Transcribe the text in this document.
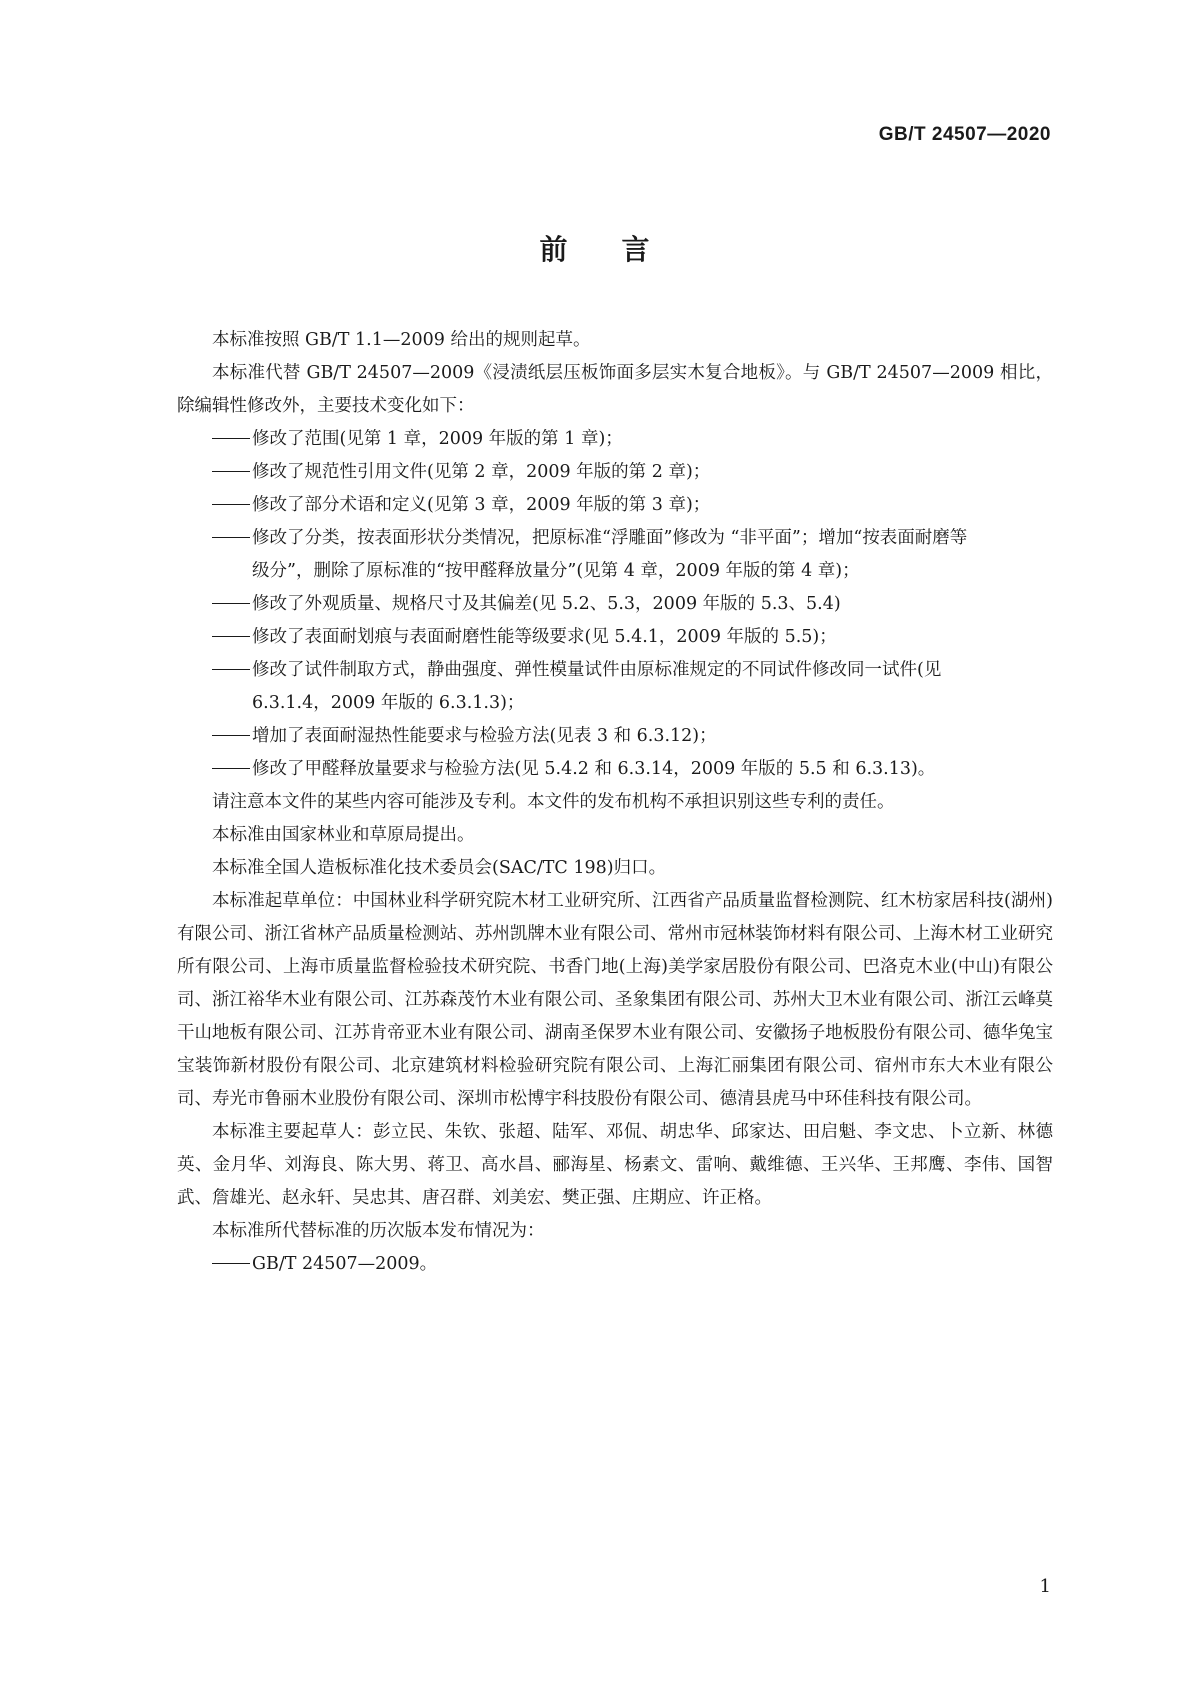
GB/T 24507—2020
前 言

本标准按照 GB/T 1.1—2009 给出的规则起草。

本标准代替 GB/T 24507—2009《浸渍纸层压板饰面多层实木复合地板》。与 GB/T 24507—2009 相比，除编辑性修改外，主要技术变化如下：

修改了范围(见第 1 章，2009 年版的第 1 章)；

修改了规范性引用文件(见第 2 章，2009 年版的第 2 章)；

修改了部分术语和定义(见第 3 章，2009 年版的第 3 章)；

修改了分类，按表面形状分类情况，把原标准“浮雕面”修改为 “非平面”；增加“按表面耐磨等
级分”，删除了原标准的“按甲醛释放量分”(见第 4 章，2009 年版的第 4 章)；

修改了外观质量、规格尺寸及其偏差(见 5.2、5.3，2009 年版的 5.3、5.4)

修改了表面耐划痕与表面耐磨性能等级要求(见 5.4.1，2009 年版的 5.5)；

修改了试件制取方式，静曲强度、弹性模量试件由原标准规定的不同试件修改同一试件(见
6.3.1.4，2009 年版的 6.3.1.3)；

增加了表面耐湿热性能要求与检验方法(见表 3 和 6.3.12)；

修改了甲醛释放量要求与检验方法(见 5.4.2 和 6.3.14，2009 年版的 5.5 和 6.3.13)。

请注意本文件的某些内容可能涉及专利。本文件的发布机构不承担识别这些专利的责任。

本标准由国家林业和草原局提出。

本标准全国人造板标准化技术委员会(SAC/TC 198)归口。

本标准起草单位：中国林业科学研究院木材工业研究所、江西省产品质量监督检测院、红木枋家居科技(湖州)有限公司、浙江省林产品质量检测站、苏州凯牌木业有限公司、常州市冠林装饰材料有限公司、上海木材工业研究所有限公司、上海市质量监督检验技术研究院、书香门地(上海)美学家居股份有限公司、巴洛克木业(中山)有限公司、浙江裕华木业有限公司、江苏森茂竹木业有限公司、圣象集团有限公司、苏州大卫木业有限公司、浙江云峰莫干山地板有限公司、江苏肯帝亚木业有限公司、湖南圣保罗木业有限公司、安徽扬子地板股份有限公司、德华兔宝宝装饰新材股份有限公司、北京建筑材料检验研究院有限公司、上海汇丽集团有限公司、宿州市东大木业有限公司、寿光市鲁丽木业股份有限公司、深圳市松博宇科技股份有限公司、德清县虎马中环佳科技有限公司。

本标准主要起草人：彭立民、朱钦、张超、陆军、邓侃、胡忠华、邱家达、田启魁、李文忠、卜立新、林德英、金月华、刘海良、陈大男、蒋卫、高水昌、郦海星、杨素文、雷响、戴维德、王兴华、王邦鹰、李伟、国智武、詹雄光、赵永轩、吴忠其、唐召群、刘美宏、樊正强、庄期应、许正格。

本标准所代替标准的历次版本发布情况为：

GB/T 24507—2009。

1
